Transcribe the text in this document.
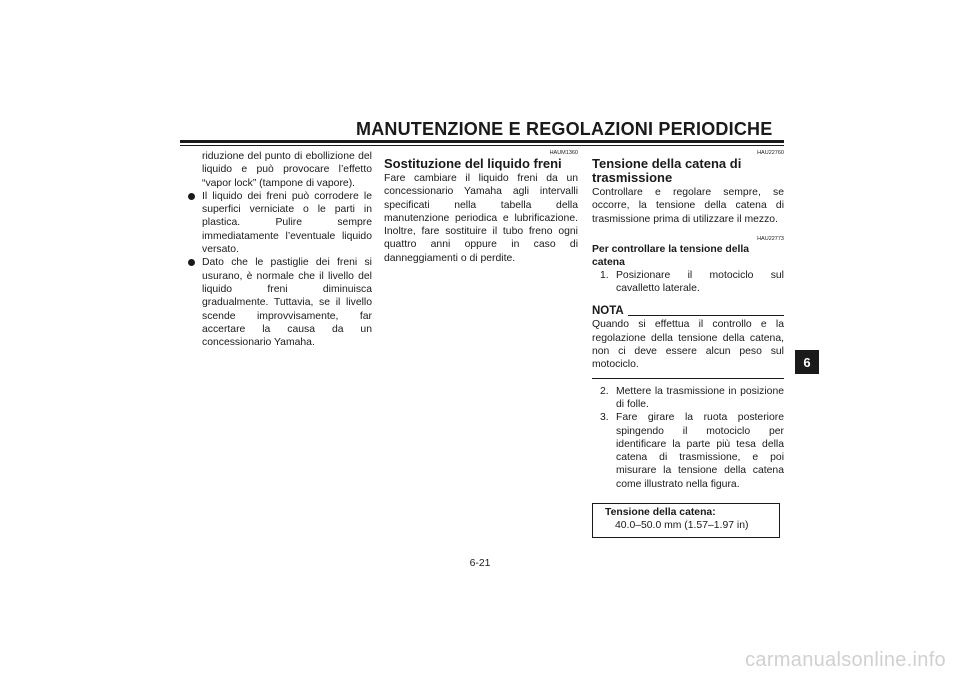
MANUTENZIONE E REGOLAZIONI PERIODICHE
riduzione del punto di ebollizione del liquido e può provocare l’effetto “vapor lock” (tampone di vapore).
Il liquido dei freni può corrodere le superfici verniciate o le parti in plastica. Pulire sempre immediatamente l’eventuale liquido versato.
Dato che le pastiglie dei freni si usurano, è normale che il livello del liquido freni diminuisca gradualmente. Tuttavia, se il livello scende improvvisamente, far accertare la causa da un concessionario Yamaha.
HAUM1360
Sostituzione del liquido freni
Fare cambiare il liquido freni da un concessionario Yamaha agli intervalli specificati nella tabella della manutenzione periodica e lubrificazione. Inoltre, fare sostituire il tubo freno ogni quattro anni oppure in caso di danneggiamenti o di perdite.
HAU22760
Tensione della catena di trasmissione
Controllare e regolare sempre, se occorre, la tensione della catena di trasmissione prima di utilizzare il mezzo.
HAU22773
Per controllare la tensione della catena
1. Posizionare il motociclo sul cavalletto laterale.
NOTA
Quando si effettua il controllo e la regolazione della tensione della catena, non ci deve essere alcun peso sul motociclo.
2. Mettere la trasmissione in posizione di folle.
3. Fare girare la ruota posteriore spingendo il motociclo per identificare la parte più tesa della catena di trasmissione, e poi misurare la tensione della catena come illustrato nella figura.
Tensione della catena:
40.0–50.0 mm (1.57–1.97 in)
6
6-21
carmanualsonline.info
